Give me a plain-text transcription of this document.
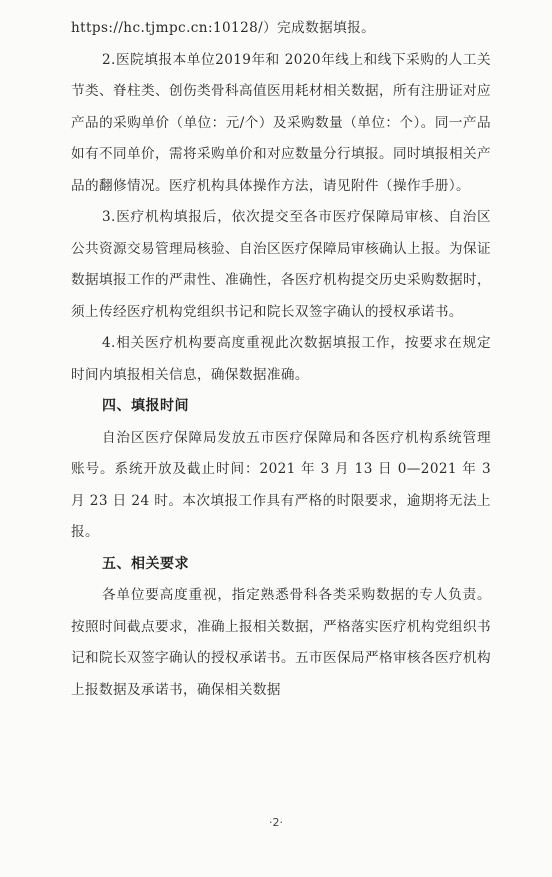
https://hc.tjmpc.cn:10128/）完成数据填报。

2.医院填报本单位2019年和 2020年线上和线下采购的人工关节类、脊柱类、创伤类骨科高值医用耗材相关数据，所有注册证对应产品的采购单价（单位：元/个）及采购数量（单位：个）。同一产品如有不同单价，需将采购单价和对应数量分行填报。同时填报相关产品的翻修情况。医疗机构具体操作方法，请见附件（操作手册）。

3.医疗机构填报后，依次提交至各市医疗保障局审核、自治区公共资源交易管理局核验、自治区医疗保障局审核确认上报。为保证数据填报工作的严肃性、准确性，各医疗机构提交历史采购数据时，须上传经医疗机构党组织书记和院长双签字确认的授权承诺书。

4.相关医疗机构要高度重视此次数据填报工作，按要求在规定时间内填报相关信息，确保数据准确。

四、填报时间

自治区医疗保障局发放五市医疗保障局和各医疗机构系统管理账号。系统开放及截止时间：2021 年 3 月 13 日 0—2021 年 3 月 23 日 24 时。本次填报工作具有严格的时限要求，逾期将无法上报。

五、相关要求

各单位要高度重视，指定熟悉骨科各类采购数据的专人负责。按照时间截点要求，准确上报相关数据，严格落实医疗机构党组织书记和院长双签字确认的授权承诺书。五市医保局严格审核各医疗机构上报数据及承诺书，确保相关数据

·2·
